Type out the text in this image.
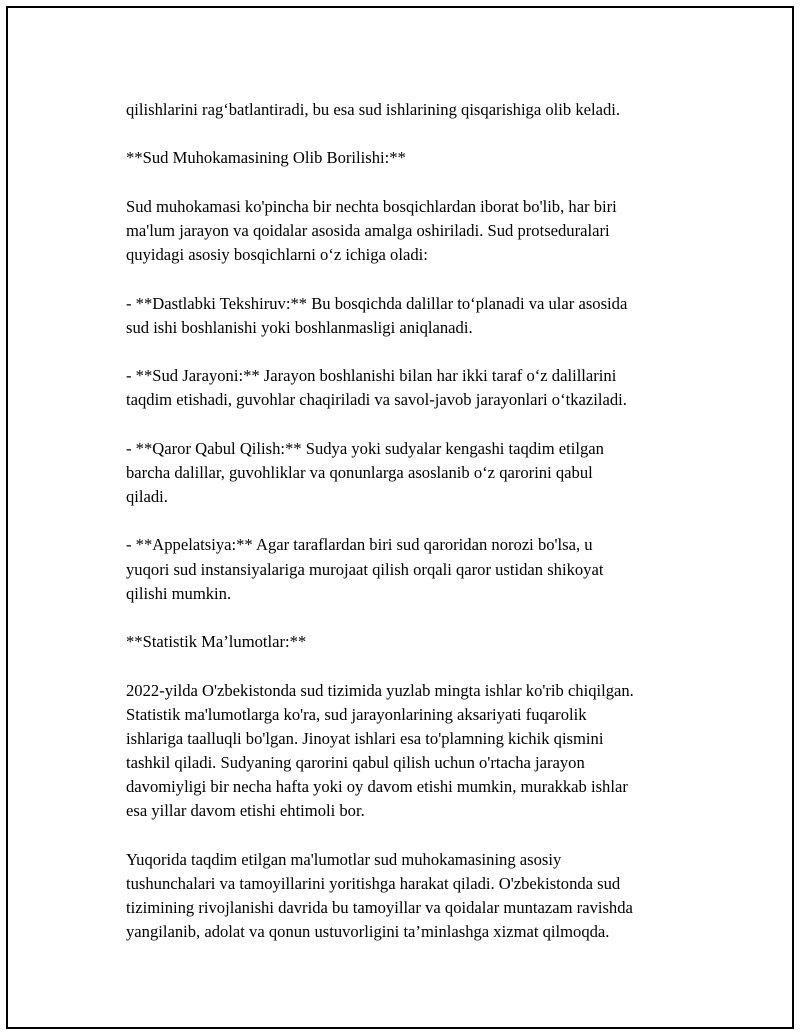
qilishlarini rag‘batlantiradi, bu esa sud ishlarining qisqarishiga olib keladi.
**Sud Muhokamasining Olib Borilishi:**
Sud muhokamasi ko'pincha bir nechta bosqichlardan iborat bo'lib, har biri
ma'lum jarayon va qoidalar asosida amalga oshiriladi. Sud protseduralari
quyidagi asosiy bosqichlarni o‘z ichiga oladi:
- **Dastlabki Tekshiruv:** Bu bosqichda dalillar to‘planadi va ular asosida
sud ishi boshlanishi yoki boshlanmasligi aniqlanadi.
- **Sud Jarayoni:** Jarayon boshlanishi bilan har ikki taraf o‘z dalillarini
taqdim etishadi, guvohlar chaqiriladi va savol-javob jarayonlari o‘tkaziladi.
- **Qaror Qabul Qilish:** Sudya yoki sudyalar kengashi taqdim etilgan
barcha dalillar, guvohliklar va qonunlarga asoslanib o‘z qarorini qabul
qiladi.
- **Appelatsiya:** Agar taraflardan biri sud qaroridan norozi bo'lsa, u
yuqori sud instansiyalariga murojaat qilish orqali qaror ustidan shikoyat
qilishi mumkin.
**Statistik Ma’lumotlar:**
2022-yilda O'zbekistonda sud tizimida yuzlab mingta ishlar ko'rib chiqilgan.
Statistik ma'lumotlarga ko'ra, sud jarayonlarining aksariyati fuqarolik
ishlariga taalluqli bo'lgan. Jinoyat ishlari esa to'plamning kichik qismini
tashkil qiladi. Sudyaning qarorini qabul qilish uchun o'rtacha jarayon
davomiyligi bir necha hafta yoki oy davom etishi mumkin, murakkab ishlar
esa yillar davom etishi ehtimoli bor.
Yuqorida taqdim etilgan ma'lumotlar sud muhokamasining asosiy
tushunchalari va tamoyillarini yoritishga harakat qiladi. O'zbekistonda sud
tizimining rivojlanishi davrida bu tamoyillar va qoidalar muntazam ravishda
yangilanib, adolat va qonun ustuvorligini ta’minlashga xizmat qilmoqda.
